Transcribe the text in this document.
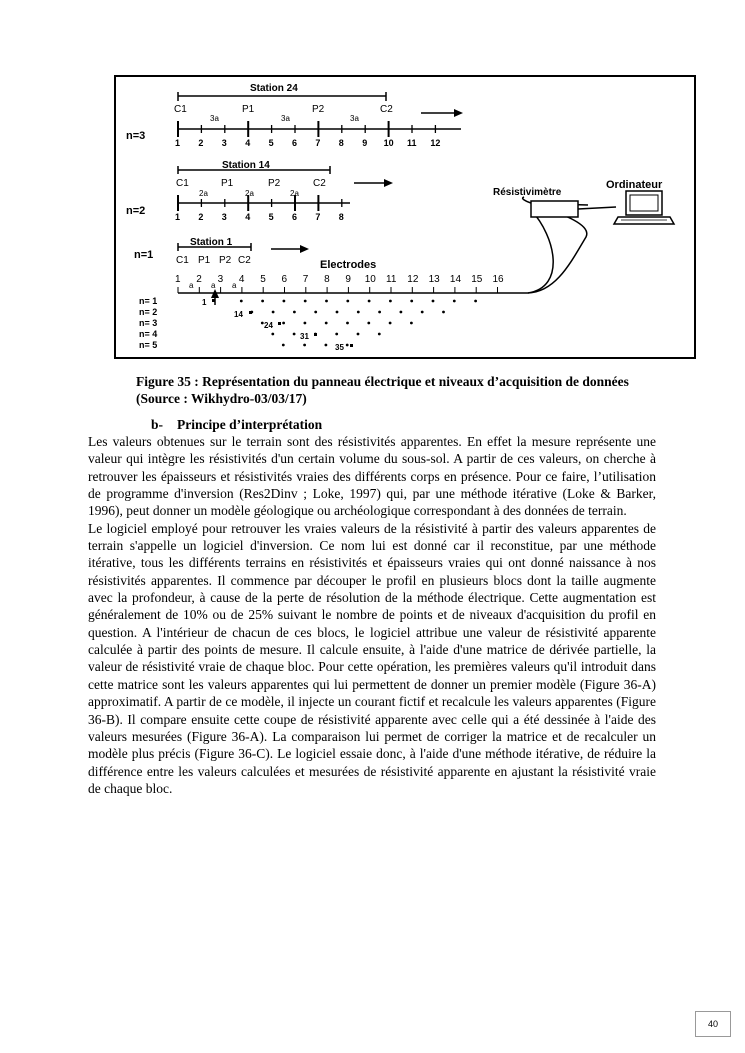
Station 24
n=3
C1	P1	P2	C2
3a	3a	3a
1 2 3 4 5 6 7 8 9 10 11 12
Station 14
n=2
C1	P1	P2	C2
2a	2a	2a
1 2 3 4 5 6 7 8
Station 1
n=1 C1 P1 P2 C2	Electrodes
1 2 3 4 5 6 7 8 9 10 11 12 13 14 15 16
a a a
Résistivimètre
Ordinateur
n= 1
n= 2
n= 3
n= 4
n= 5
1
14
24
31
35
Figure 35 : Représentation du panneau électrique et niveaux d’acquisition de données
(Source : Wikhydro-03/03/17)
b- Principe d’interprétation

Les valeurs obtenues sur le terrain sont des résistivités apparentes. En effet la mesure représente une valeur qui intègre les résistivités d'un certain volume du sous-sol. A partir de ces valeurs, on cherche à retrouver les épaisseurs et résistivités vraies des différents corps en présence. Pour ce faire, l’utilisation de programme d'inversion (Res2Dinv ; Loke, 1997) qui, par une méthode itérative (Loke & Barker, 1996), peut donner un modèle géologique ou archéologique correspondant à des données de terrain.

Le logiciel employé pour retrouver les vraies valeurs de la résistivité à partir des valeurs apparentes de terrain s'appelle un logiciel d'inversion. Ce nom lui est donné car il reconstitue, par une méthode itérative, tous les différents terrains en résistivités et épaisseurs vraies qui ont donné naissance à nos résistivités apparentes. Il commence par découper le profil en plusieurs blocs dont la taille augmente avec la profondeur, à cause de la perte de résolution de la méthode électrique. Cette augmentation est généralement de 10% ou de 25% suivant le nombre de points et de niveaux d'acquisition du profil en question. A l'intérieur de chacun de ces blocs, le logiciel attribue une valeur de résistivité apparente calculée à partir des points de mesure. Il calcule ensuite, à l'aide d'une matrice de dérivée partielle, la valeur de résistivité vraie de chaque bloc. Pour cette opération, les premières valeurs qu'il introduit dans cette matrice sont les valeurs apparentes qui lui permettent de donner un premier modèle (Figure 36-A) approximatif. A partir de ce modèle, il injecte un courant fictif et recalcule les valeurs apparentes (Figure 36-B). Il compare ensuite cette coupe de résistivité apparente avec celle qui a été dessinée à l'aide des valeurs mesurées (Figure 36-A). La comparaison lui permet de corriger la matrice et de recalculer un modèle plus précis (Figure 36-C). Le logiciel essaie donc, à l'aide d'une méthode itérative, de réduire la différence entre les valeurs calculées et mesurées de résistivité apparente en ajustant la résistivité vraie de chaque bloc.

40
